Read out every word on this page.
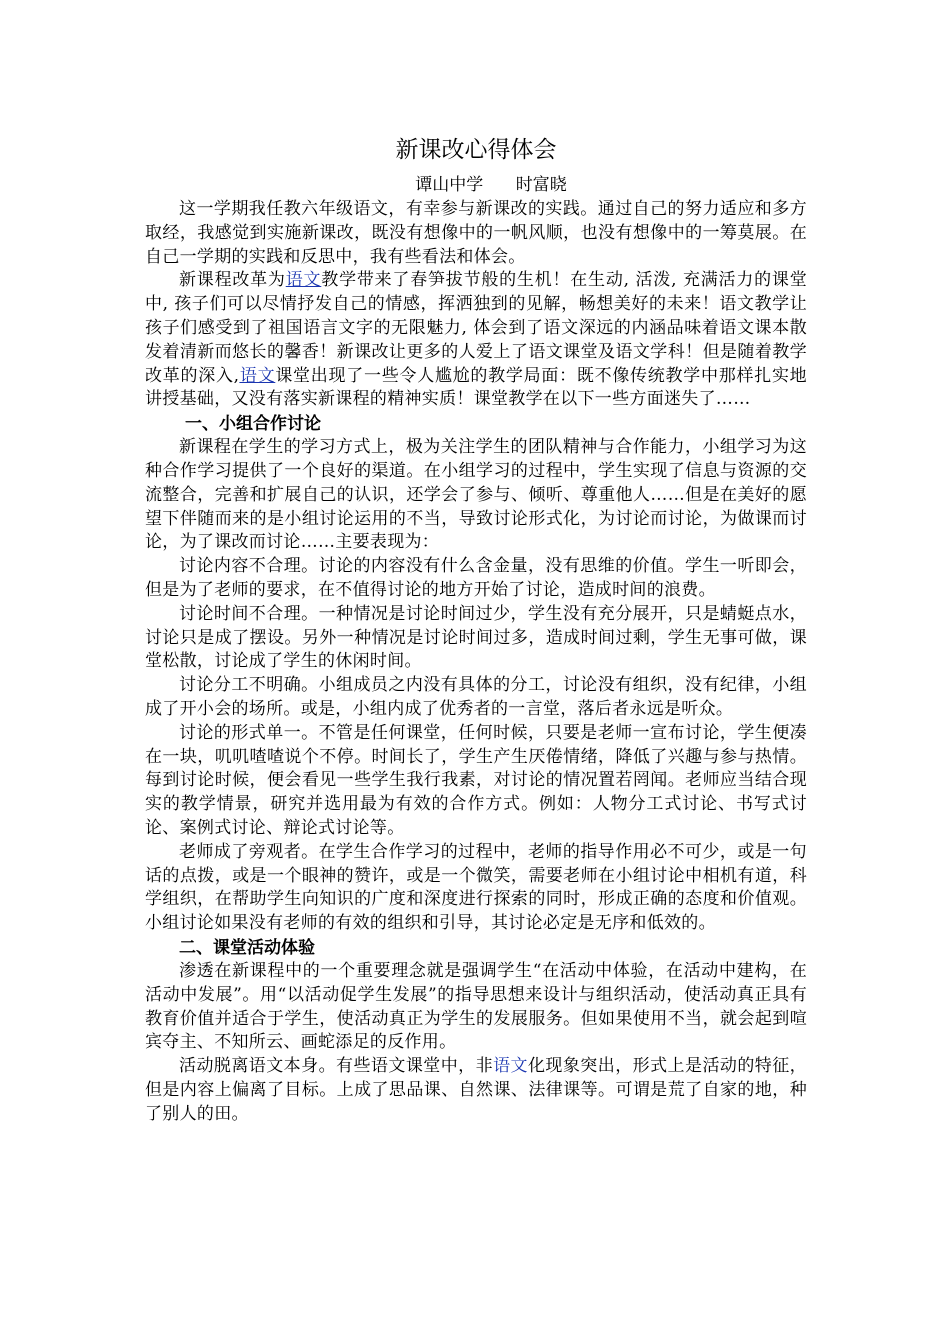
新课改心得体会
谭山中学      时富晓

这一学期我任教六年级语文，有幸参与新课改的实践。通过自己的努力适应和多方取经，我感觉到实施新课改，既没有想像中的一帆风顺，也没有想像中的一筹莫展。在自己一学期的实践和反思中，我有些看法和体会。

新课程改革为语文教学带来了春笋拔节般的生机！在生动, 活泼, 充满活力的课堂中, 孩子们可以尽情抒发自己的情感，挥洒独到的见解，畅想美好的未来！语文教学让孩子们感受到了祖国语言文字的无限魅力, 体会到了语文深远的内涵品味着语文课本散发着清新而悠长的馨香！新课改让更多的人爱上了语文课堂及语文学科！但是随着教学改革的深入,语文课堂出现了一些令人尴尬的教学局面：既不像传统教学中那样扎实地讲授基础，又没有落实新课程的精神实质！课堂教学在以下一些方面迷失了……

一、小组合作讨论

新课程在学生的学习方式上，极为关注学生的团队精神与合作能力，小组学习为这种合作学习提供了一个良好的渠道。在小组学习的过程中，学生实现了信息与资源的交流整合，完善和扩展自己的认识，还学会了参与、倾听、尊重他人……但是在美好的愿望下伴随而来的是小组讨论运用的不当，导致讨论形式化，为讨论而讨论，为做课而讨论，为了课改而讨论……主要表现为：

讨论内容不合理。讨论的内容没有什么含金量，没有思维的价值。学生一听即会，但是为了老师的要求，在不值得讨论的地方开始了讨论，造成时间的浪费。

讨论时间不合理。一种情况是讨论时间过少，学生没有充分展开，只是蜻蜓点水，讨论只是成了摆设。另外一种情况是讨论时间过多，造成时间过剩，学生无事可做，课堂松散，讨论成了学生的休闲时间。

讨论分工不明确。小组成员之内没有具体的分工，讨论没有组织，没有纪律，小组成了开小会的场所。或是，小组内成了优秀者的一言堂，落后者永远是听众。

讨论的形式单一。不管是任何课堂，任何时候，只要是老师一宣布讨论，学生便凑在一块，叽叽喳喳说个不停。时间长了，学生产生厌倦情绪，降低了兴趣与参与热情。每到讨论时候，便会看见一些学生我行我素，对讨论的情况置若罔闻。老师应当结合现实的教学情景，研究并选用最为有效的合作方式。例如：人物分工式讨论、书写式讨论、案例式讨论、辩论式讨论等。

老师成了旁观者。在学生合作学习的过程中，老师的指导作用必不可少，或是一句话的点拨，或是一个眼神的赞许，或是一个微笑，需要老师在小组讨论中相机有道，科学组织，在帮助学生向知识的广度和深度进行探索的同时，形成正确的态度和价值观。小组讨论如果没有老师的有效的组织和引导，其讨论必定是无序和低效的。

二、课堂活动体验

渗透在新课程中的一个重要理念就是强调学生“在活动中体验，在活动中建构，在活动中发展”。用“以活动促学生发展”的指导思想来设计与组织活动，使活动真正具有教育价值并适合于学生，使活动真正为学生的发展服务。但如果使用不当，就会起到喧宾夺主、不知所云、画蛇添足的反作用。

活动脱离语文本身。有些语文课堂中，非语文化现象突出，形式上是活动的特征，但是内容上偏离了目标。上成了思品课、自然课、法律课等。可谓是荒了自家的地，种了别人的田。
